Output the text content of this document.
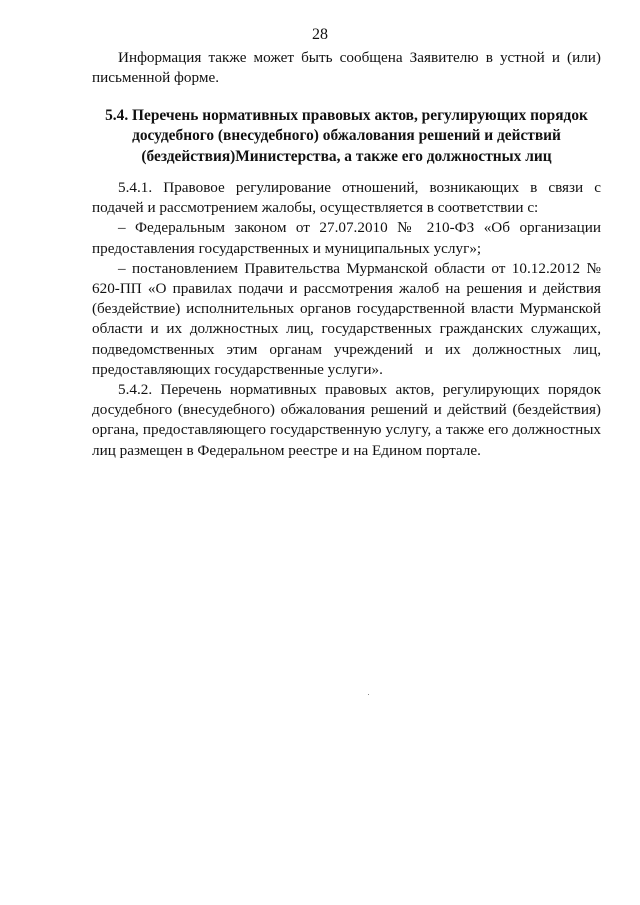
28

Информация также может быть сообщена Заявителю в устной и (или) письменной форме.

5.4. Перечень нормативных правовых актов, регулирующих порядок досудебного (внесудебного) обжалования решений и действий (бездействия)Министерства, а также его должностных лиц

5.4.1. Правовое регулирование отношений, возникающих в связи с подачей и рассмотрением жалобы, осуществляется в соответствии с:

– Федеральным законом от 27.07.2010 № 210-ФЗ «Об организации предоставления государственных и муниципальных услуг»;

– постановлением Правительства Мурманской области от 10.12.2012 № 620-ПП «О правилах подачи и рассмотрения жалоб на решения и действия (бездействие) исполнительных органов государственной власти Мурманской области и их должностных лиц, государственных гражданских служащих, подведомственных этим органам учреждений и их должностных лиц, предоставляющих государственные услуги».

5.4.2. Перечень нормативных правовых актов, регулирующих порядок досудебного (внесудебного) обжалования решений и действий (бездействия) органа, предоставляющего государственную услугу, а также его должностных лиц размещен в Федеральном реестре и на Едином портале.
